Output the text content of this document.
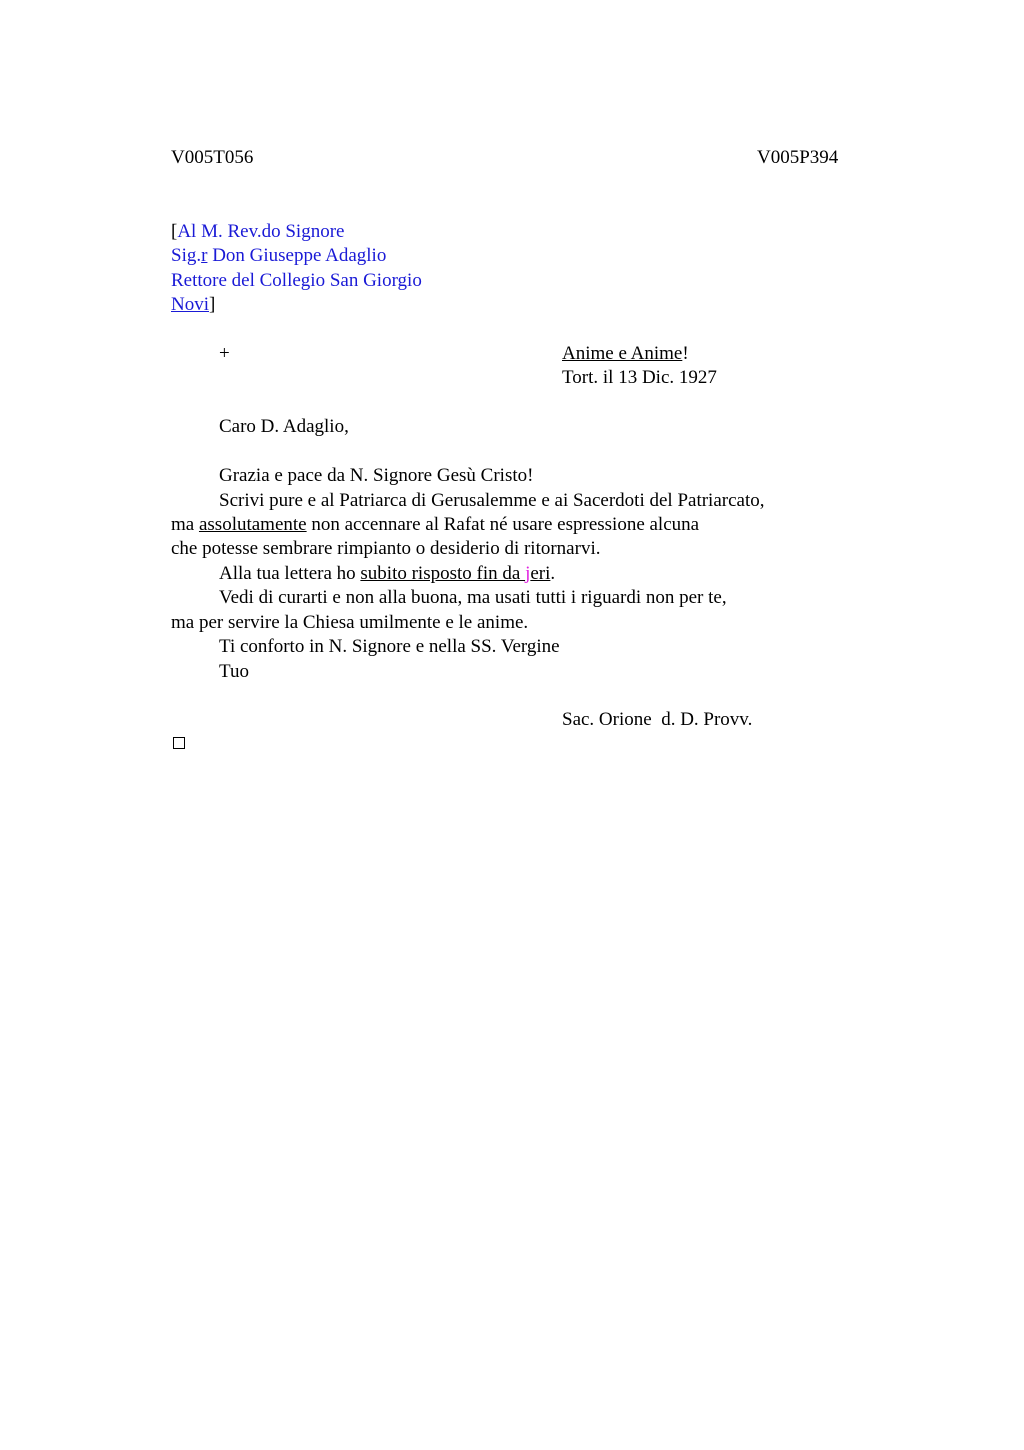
V005T056	V005P394
[Al M. Rev.do Signore
Sig.r Don Giuseppe Adaglio
Rettore del Collegio San Giorgio
Novi]
+	Anime e Anime!
Tort. il 13 Dic. 1927
Caro D. Adaglio,
Grazia e pace da N. Signore Gesù Cristo!
Scrivi pure e al Patriarca di Gerusalemme e ai Sacerdoti del Patriarcato,
ma assolutamente non accennare al Rafat né usare espressione alcuna
che potesse sembrare rimpianto o desiderio di ritornarvi.
Alla tua lettera ho subito risposto fin da jeri.
Vedi di curarti e non alla buona, ma usati tutti i riguardi non per te,
ma per servire la Chiesa umilmente e le anime.
Ti conforto in N. Signore e nella SS. Vergine
Tuo
Sac. Orione  d. D. Provv.
